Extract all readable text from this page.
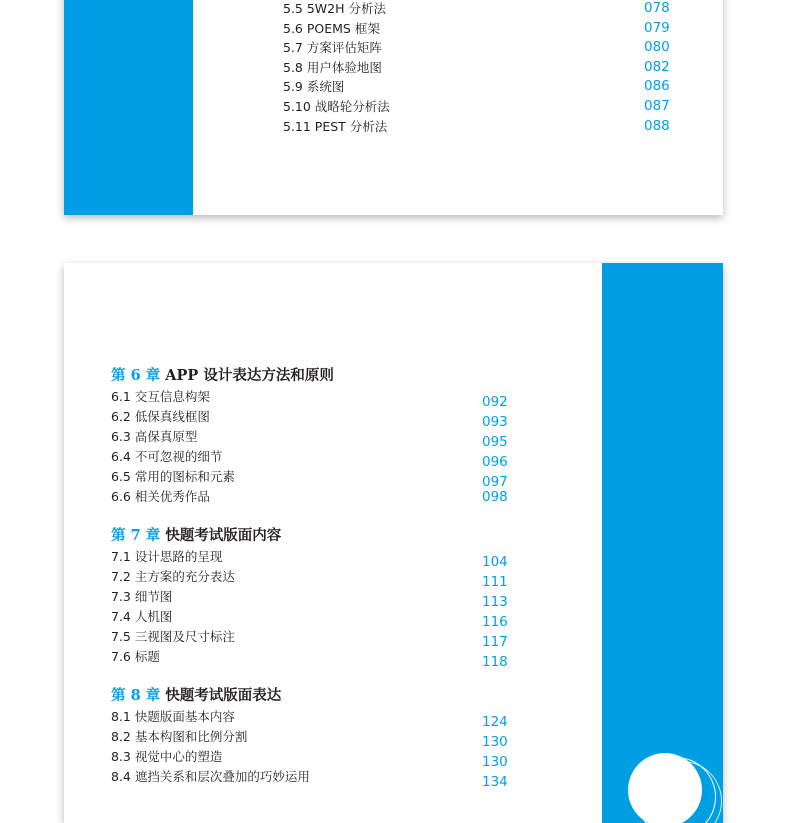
5.5 5W2H 分析法	078
5.6 POEMS 框架	079
5.7 方案评估矩阵	080
5.8 用户体验地图	082
5.9 系统图	086
5.10 战略轮分析法	087
5.11 PEST 分析法	088
第 6 章 APP 设计表达方法和原则
6.1 交互信息构架	092
6.2 低保真线框图	093
6.3 高保真原型	095
6.4 不可忽视的细节	096
6.5 常用的图标和元素	097
6.6 相关优秀作品	098
第 7 章 快题考试版面内容
7.1 设计思路的呈现	104
7.2 主方案的充分表达	111
7.3 细节图	113
7.4 人机图	116
7.5 三视图及尺寸标注	117
7.6 标题	118
第 8 章 快题考试版面表达
8.1 快题版面基本内容	124
8.2 基本构图和比例分割	130
8.3 视觉中心的塑造	130
8.4 遮挡关系和层次叠加的巧妙运用	134
